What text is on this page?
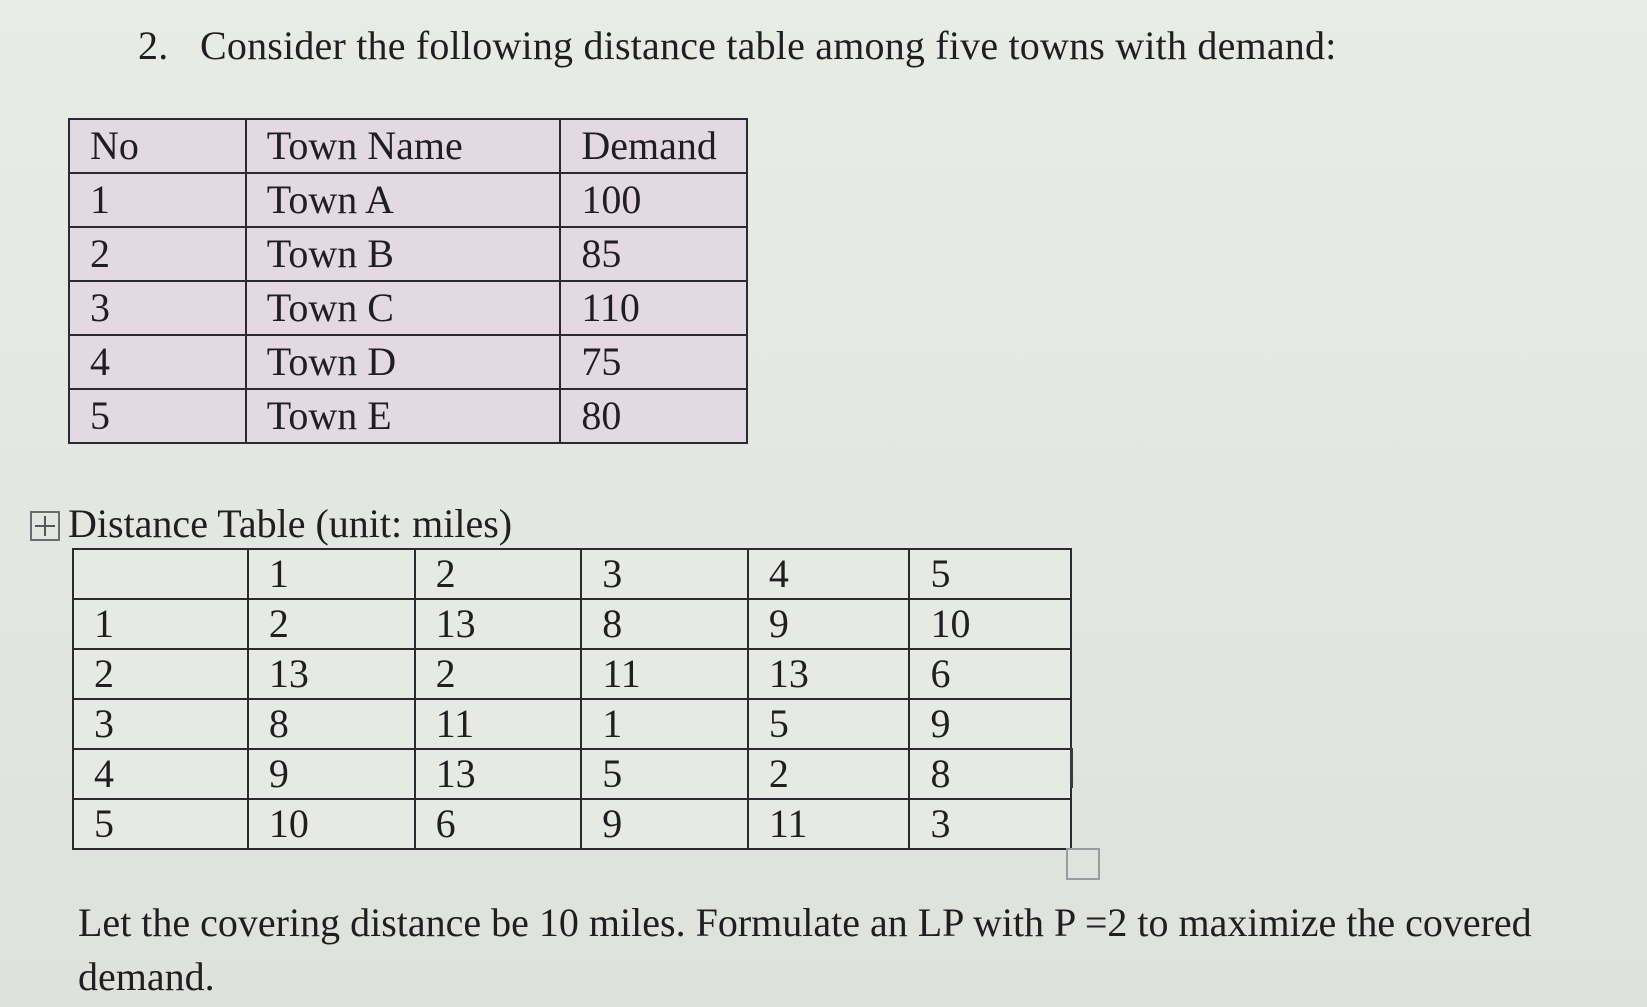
2. Consider the following distance table among five towns with demand:
No	Town Name	Demand
1	Town A	100
2	Town B	85
3	Town C	110
4	Town D	75
5	Town E	80
Distance Table (unit: miles)
	1	2	3	4	5
1	2	13	8	9	10
2	13	2	11	13	6
3	8	11	1	5	9
4	9	13	5	2	8
5	10	6	9	11	3
Let the covering distance be 10 miles. Formulate an LP with P =2 to maximize the covered demand.
